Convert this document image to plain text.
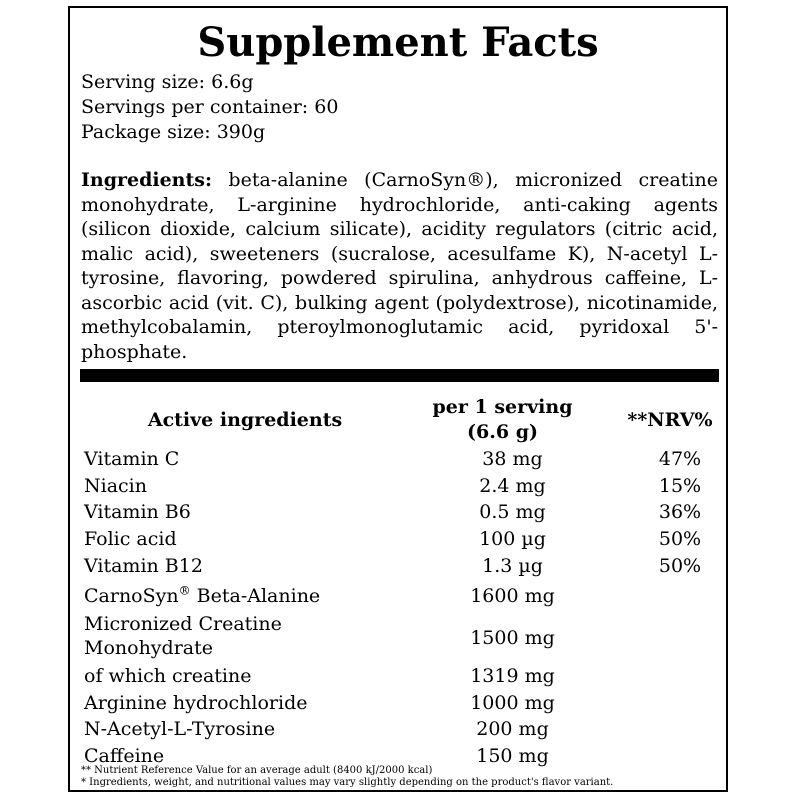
Supplement Facts
Serving size: 6.6g
Servings per container: 60
Package size: 390g
Ingredients: beta-alanine (CarnoSyn®), micronized creatine monohydrate, L-arginine hydrochloride, anti-caking agents (silicon dioxide, calcium silicate), acidity regulators (citric acid, malic acid), sweeteners (sucralose, acesulfame K), N-acetyl L-tyrosine, flavoring, powdered spirulina, anhydrous caffeine, L-ascorbic acid (vit. C), bulking agent (polydextrose), nicotinamide, methylcobalamin, pteroylmonoglutamic acid, pyridoxal 5'-phosphate.
Active ingredients
per 1 serving (6.6 g)
**NRV%
Vitamin C	38 mg	47%
Niacin	2.4 mg	15%
Vitamin B6	0.5 mg	36%
Folic acid	100 µg	50%
Vitamin B12	1.3 µg	50%
CarnoSyn® Beta-Alanine	1600 mg
Micronized Creatine Monohydrate	1500 mg
of which creatine	1319 mg
Arginine hydrochloride	1000 mg
N-Acetyl-L-Tyrosine	200 mg
Caffeine	150 mg
** Nutrient Reference Value for an average adult (8400 kJ/2000 kcal)
* Ingredients, weight, and nutritional values may vary slightly depending on the product's flavor variant.
